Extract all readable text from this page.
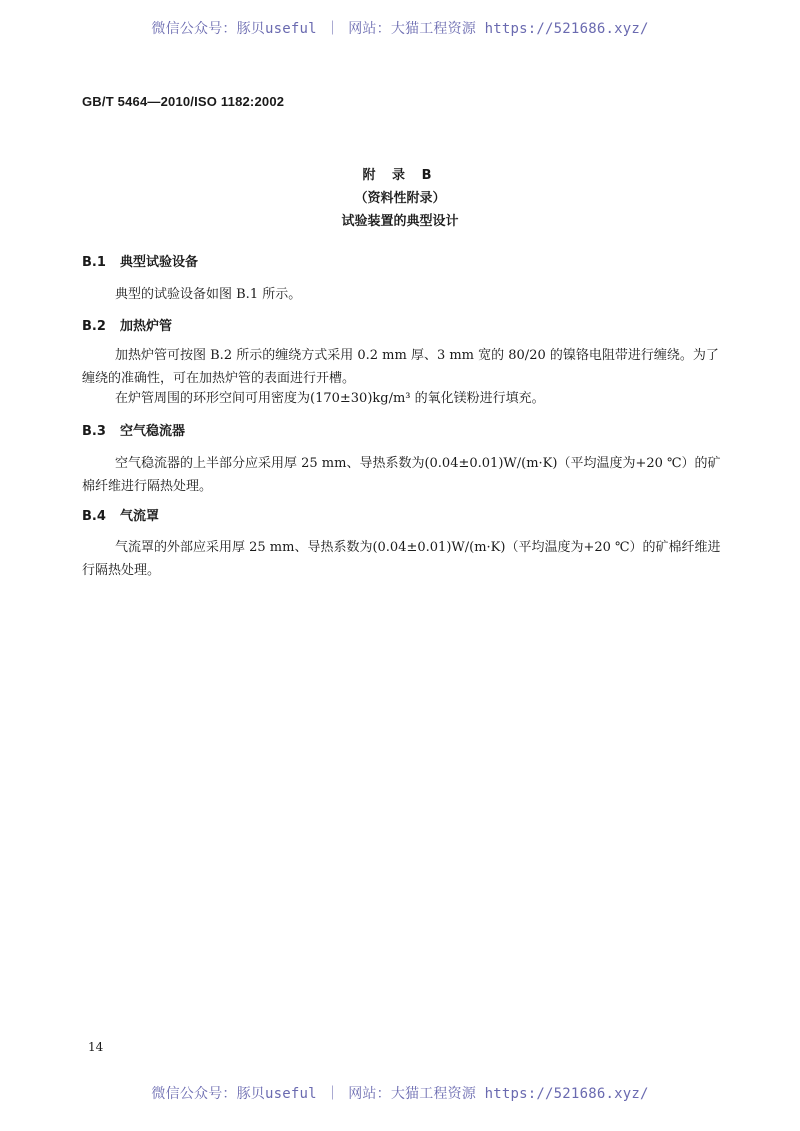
微信公众号：豚贝useful ｜ 网站：大猫工程资源 https://521686.xyz/
GB/T 5464—2010/ISO 1182:2002
附 录 B
（资料性附录）
试验装置的典型设计
B.1 典型试验设备
典型的试验设备如图 B.1 所示。
B.2 加热炉管
加热炉管可按图 B.2 所示的缠绕方式采用 0.2 mm 厚、3 mm 宽的 80/20 的镍铬电阻带进行缠绕。为了缠绕的准确性，可在加热炉管的表面进行开槽。
在炉管周围的环形空间可用密度为(170±30)kg/m³ 的氧化镁粉进行填充。
B.3 空气稳流器
空气稳流器的上半部分应采用厚 25 mm、导热系数为(0.04±0.01)W/(m·K)（平均温度为+20 ℃）的矿棉纤维进行隔热处理。
B.4 气流罩
气流罩的外部应采用厚 25 mm、导热系数为(0.04±0.01)W/(m·K)（平均温度为+20 ℃）的矿棉纤维进行隔热处理。
14
微信公众号：豚贝useful ｜ 网站：大猫工程资源 https://521686.xyz/
